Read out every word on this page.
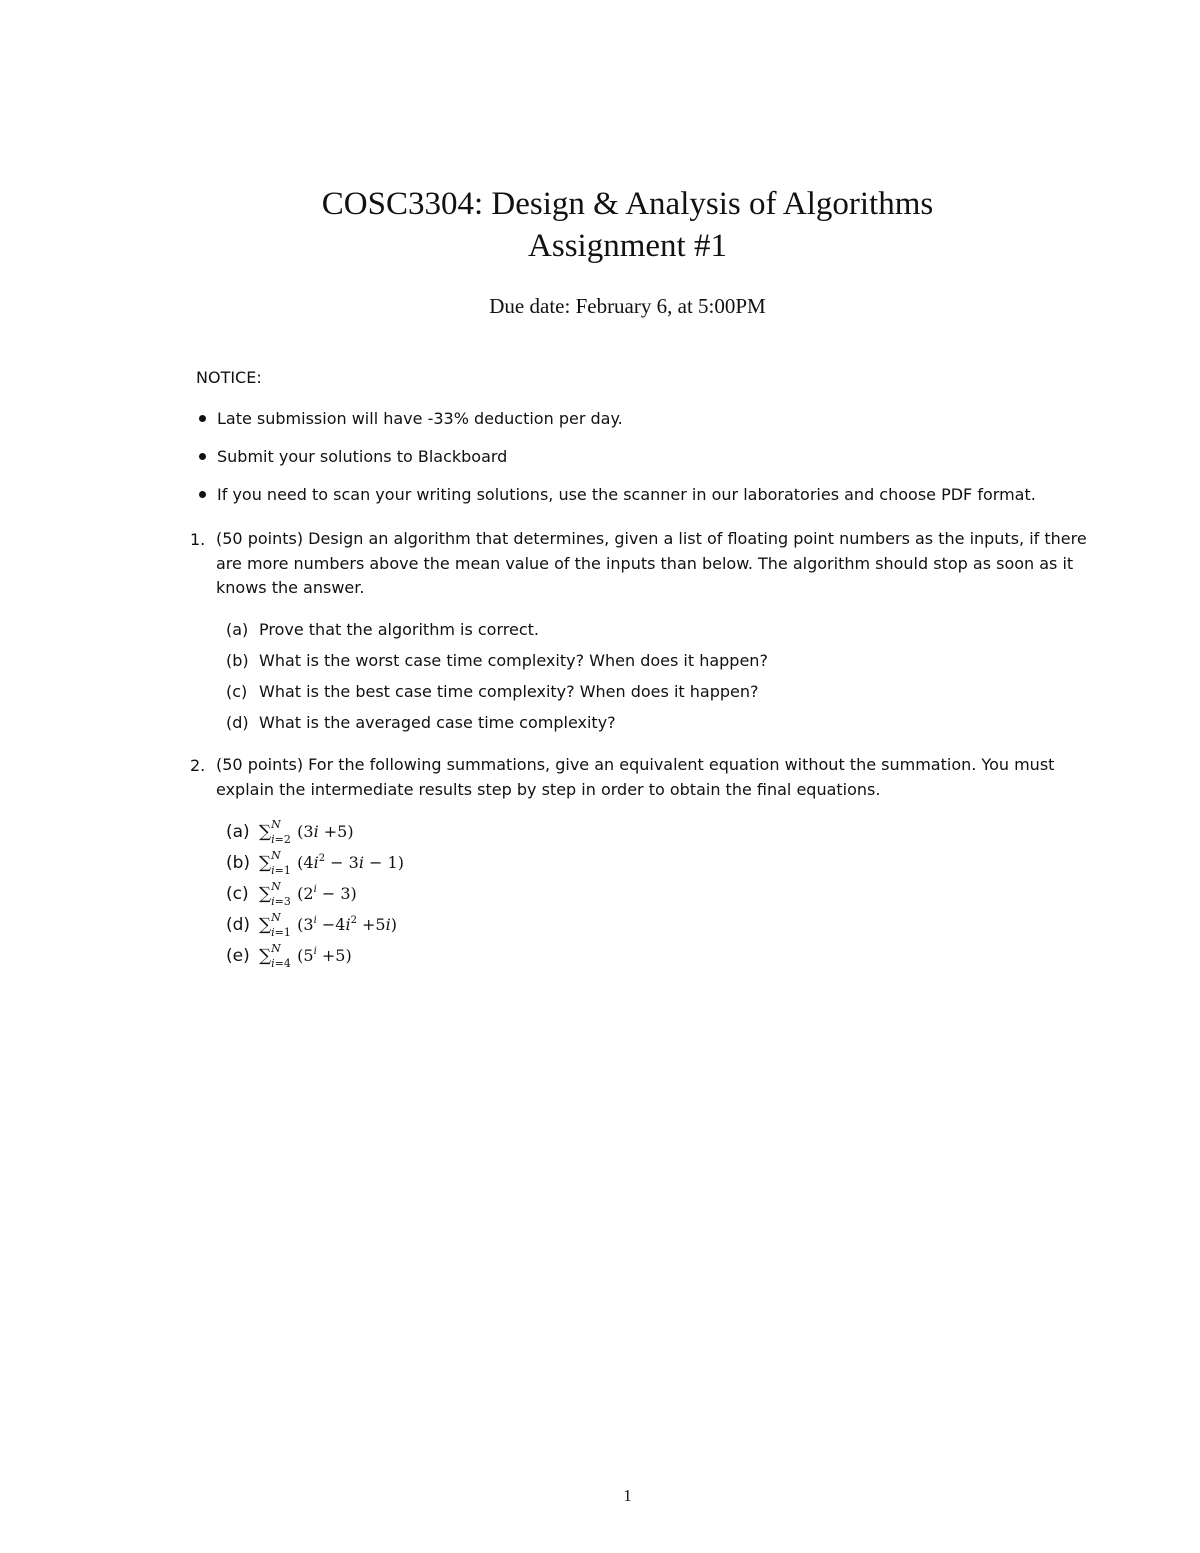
COSC3304: Design & Analysis of Algorithms
Assignment #1
Due date: February 6, at 5:00PM
NOTICE:
Late submission will have -33% deduction per day.
Submit your solutions to Blackboard
If you need to scan your writing solutions, use the scanner in our laboratories and choose PDF format.
1. (50 points) Design an algorithm that determines, given a list of floating point numbers as the inputs, if there are more numbers above the mean value of the inputs than below. The algorithm should stop as soon as it knows the answer.
(a) Prove that the algorithm is correct.
(b) What is the worst case time complexity? When does it happen?
(c) What is the best case time complexity? When does it happen?
(d) What is the averaged case time complexity?
2. (50 points) For the following summations, give an equivalent equation without the summation. You must explain the intermediate results step by step in order to obtain the final equations.
(a) ∑ N
i=2 (3i +5)
(b) ∑ N
i=1 $(4i^2 - 3i - 1)$
(c) ∑ N
i=3 $(2^i - 3)$
(d) ∑ N
i=1 $(3^i -4i^2 +5i)$
(e) ∑ N
i=4 $(5^i +5)$
1
